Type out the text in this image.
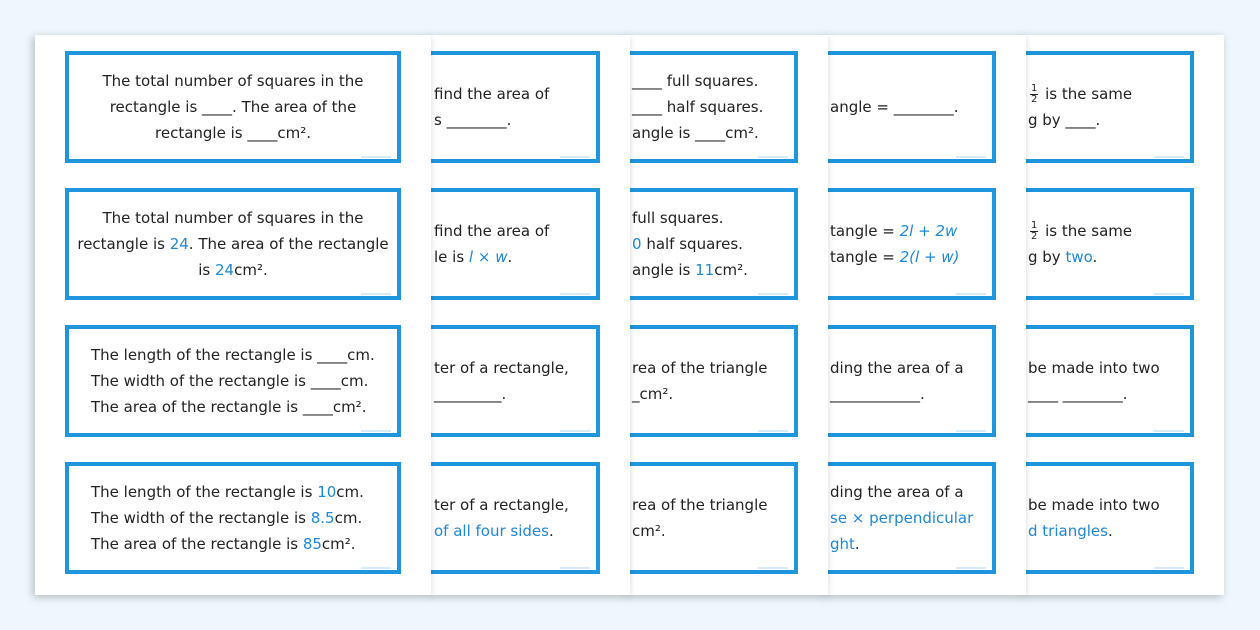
$\frac{1}{2}$ is the same
g by ____.
$\frac{1}{2}$ is the same
g by two.
be made into two
____ ________.
be made into two
d triangles.
angle = ________.
tangle = 2l + 2w
tangle = 2(l + w)
ding the area of a
____________.
ding the area of a
se × perpendicular
ght.
____ full squares.
____ half squares.
angle is ____cm².
full squares.
0 half squares.
angle is 11cm².
rea of the triangle
_cm².
rea of the triangle
cm².
find the area of
s ________.
find the area of
le is l × w.
ter of a rectangle,
_________.
ter of a rectangle,
of all four sides.
The total number of squares in the
rectangle is ____. The area of the
rectangle is ____cm².
The total number of squares in the
rectangle is 24. The area of the rectangle
is 24cm².
The length of the rectangle is ____cm.
The width of the rectangle is ____cm.
The area of the rectangle is ____cm².
The length of the rectangle is 10cm.
The width of the rectangle is 8.5cm.
The area of the rectangle is 85cm².
